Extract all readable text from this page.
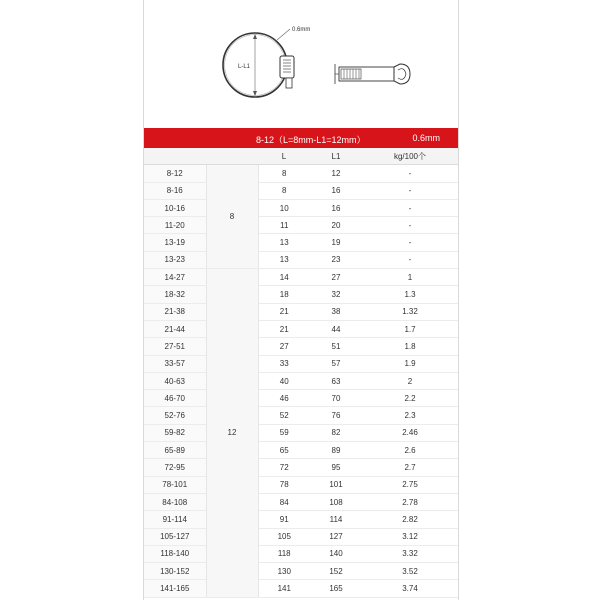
L-L1
0.6mm
8-12（L=8mm-L1=12mm）	0.6mm
		L	L1	kg/100个
8-12	8	8	12	-
8-16		8	16	-
10-16		10	16	-
11-20		11	20	-
13-19		13	19	-
13-23		13	23	-
14-27	12	14	27	1
18-32		18	32	1.3
21-38		21	38	1.32
21-44		21	44	1.7
27-51		27	51	1.8
33-57		33	57	1.9
40-63		40	63	2
46-70		46	70	2.2
52-76		52	76	2.3
59-82		59	82	2.46
65-89		65	89	2.6
72-95		72	95	2.7
78-101		78	101	2.75
84-108		84	108	2.78
91-114		91	114	2.82
105-127		105	127	3.12
118-140		118	140	3.32
130-152		130	152	3.52
141-165		141	165	3.74
